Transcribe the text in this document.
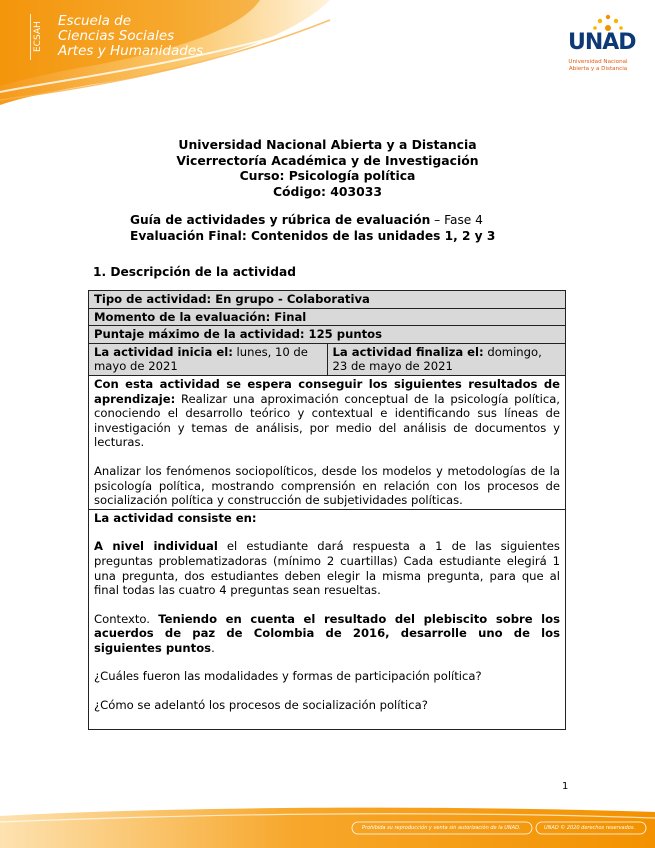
ECSAH
Escuela de
Ciencias Sociales
Artes y Humanidades	UNAD
Universidad Nacional
Abierta y a Distancia
Universidad Nacional Abierta y a Distancia
Vicerrectoría Académica y de Investigación
Curso: Psicología política
Código: 403033
Guía de actividades y rúbrica de evaluación – Fase 4
Evaluación Final: Contenidos de las unidades 1, 2 y 3
1. Descripción de la actividad
Tipo de actividad: En grupo - Colaborativa
Momento de la evaluación: Final
Puntaje máximo de la actividad: 125 puntos
La actividad inicia el: lunes, 10 de mayo de 2021	La actividad finaliza el: domingo, 23 de mayo de 2021

Con esta actividad se espera conseguir los siguientes resultados de aprendizaje: Realizar una aproximación conceptual de la psicología política, conociendo el desarrollo teórico y contextual e identificando sus líneas de investigación y temas de análisis, por medio del análisis de documentos y lecturas.

Analizar los fenómenos sociopolíticos, desde los modelos y metodologías de la psicología política, mostrando comprensión en relación con los procesos de socialización política y construcción de subjetividades políticas.

La actividad consiste en:

A nivel individual el estudiante dará respuesta a 1 de las siguientes preguntas problematizadoras (mínimo 2 cuartillas) Cada estudiante elegirá 1 una pregunta, dos estudiantes deben elegir la misma pregunta, para que al final todas las cuatro 4 preguntas sean resueltas.

Contexto. Teniendo en cuenta el resultado del plebiscito sobre los acuerdos de paz de Colombia de 2016, desarrolle uno de los siguientes puntos.

¿Cuáles fueron las modalidades y formas de participación política?

¿Cómo se adelantó los procesos de socialización política?

1
Prohibida su reproducción y venta sin autorización de la UNAD.	UNAD © 2020 derechos reservados.
